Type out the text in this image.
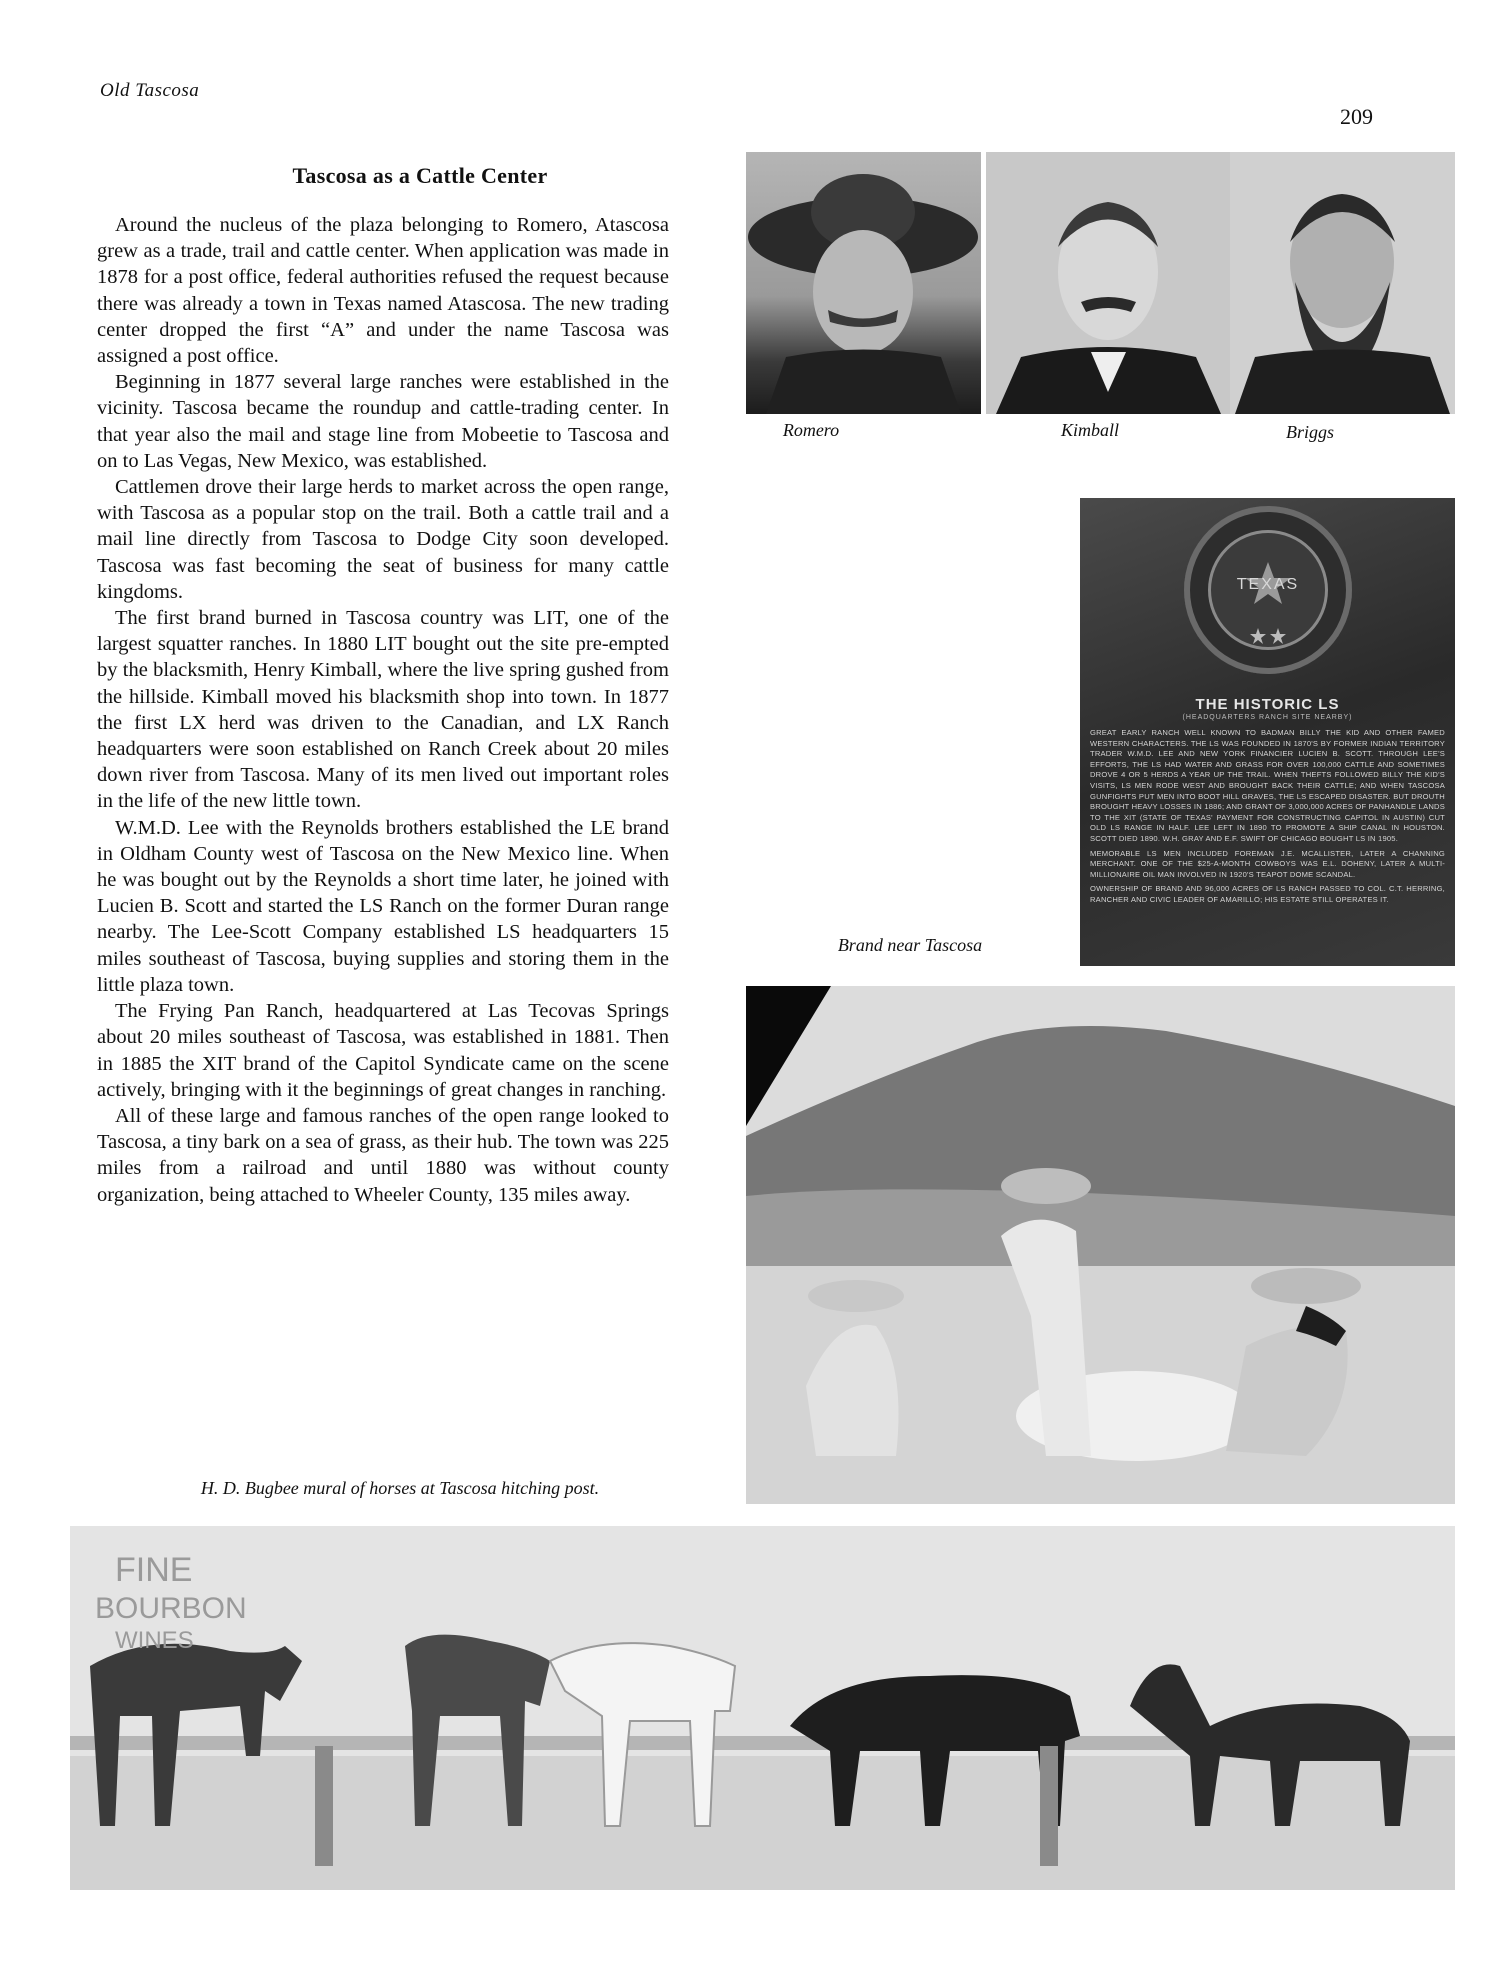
Old Tascosa
209
Tascosa as a Cattle Center

Around the nucleus of the plaza belonging to Romero, Atascosa grew as a trade, trail and cattle center. When application was made in 1878 for a post office, federal authorities refused the request because there was already a town in Texas named Atascosa. The new trading center dropped the first “A” and under the name Tascosa was assigned a post office.

Beginning in 1877 several large ranches were established in the vicinity. Tascosa became the roundup and cattle-trading center. In that year also the mail and stage line from Mobeetie to Tascosa and on to Las Vegas, New Mexico, was established.

Cattlemen drove their large herds to market across the open range, with Tascosa as a popular stop on the trail. Both a cattle trail and a mail line directly from Tascosa to Dodge City soon developed. Tascosa was fast becoming the seat of business for many cattle kingdoms.

The first brand burned in Tascosa country was LIT, one of the largest squatter ranches. In 1880 LIT bought out the site pre-empted by the blacksmith, Henry Kimball, where the live spring gushed from the hillside. Kimball moved his blacksmith shop into town. In 1877 the first LX herd was driven to the Canadian, and LX Ranch headquarters were soon established on Ranch Creek about 20 miles down river from Tascosa. Many of its men lived out important roles in the life of the new little town.

W.M.D. Lee with the Reynolds brothers established the LE brand in Oldham County west of Tascosa on the New Mexico line. When he was bought out by the Reynolds a short time later, he joined with Lucien B. Scott and started the LS Ranch on the former Duran range nearby. The Lee-Scott Company established LS headquarters 15 miles southeast of Tascosa, buying supplies and storing them in the little plaza town.

The Frying Pan Ranch, headquartered at Las Tecovas Springs about 20 miles southeast of Tascosa, was established in 1881. Then in 1885 the XIT brand of the Capitol Syndicate came on the scene actively, bringing with it the beginnings of great changes in ranching.

All of these large and famous ranches of the open range looked to Tascosa, a tiny bark on a sea of grass, as their hub. The town was 225 miles from a railroad and until 1880 was without county organization, being attached to Wheeler County, 135 miles away.

Romero	Kimball	Briggs
TEXAS
THE HISTORIC LS
(HEADQUARTERS RANCH SITE NEARBY)

GREAT EARLY RANCH WELL KNOWN TO BADMAN BILLY THE KID AND OTHER FAMED WESTERN CHARACTERS. THE LS WAS FOUNDED IN 1870'S BY FORMER INDIAN TERRITORY TRADER W.M.D. LEE AND NEW YORK FINANCIER LUCIEN B. SCOTT. THROUGH LEE'S EFFORTS, THE LS HAD WATER AND GRASS FOR OVER 100,000 CATTLE AND SOMETIMES DROVE 4 OR 5 HERDS A YEAR UP THE TRAIL. WHEN THEFTS FOLLOWED BILLY THE KID'S VISITS, LS MEN RODE WEST AND BROUGHT BACK THEIR CATTLE; AND WHEN TASCOSA GUNFIGHTS PUT MEN INTO BOOT HILL GRAVES, THE LS ESCAPED DISASTER. BUT DROUTH BROUGHT HEAVY LOSSES IN 1886; AND GRANT OF 3,000,000 ACRES OF PANHANDLE LANDS TO THE XIT (STATE OF TEXAS' PAYMENT FOR CONSTRUCTING CAPITOL IN AUSTIN) CUT OLD LS RANGE IN HALF. LEE LEFT IN 1890 TO PROMOTE A SHIP CANAL IN HOUSTON. SCOTT DIED 1890. W.H. GRAY AND E.F. SWIFT OF CHICAGO BOUGHT LS IN 1905.

MEMORABLE LS MEN INCLUDED FOREMAN J.E. MCALLISTER, LATER A CHANNING MERCHANT. ONE OF THE $25-A-MONTH COWBOYS WAS E.L. DOHENY, LATER A MULTI-MILLIONAIRE OIL MAN INVOLVED IN 1920'S TEAPOT DOME SCANDAL.

OWNERSHIP OF BRAND AND 96,000 ACRES OF LS RANCH PASSED TO COL. C.T. HERRING, RANCHER AND CIVIC LEADER OF AMARILLO; HIS ESTATE STILL OPERATES IT.

Brand near Tascosa
H. D. Bugbee mural of horses at Tascosa hitching post.
FINE
BOURBON
WINES
